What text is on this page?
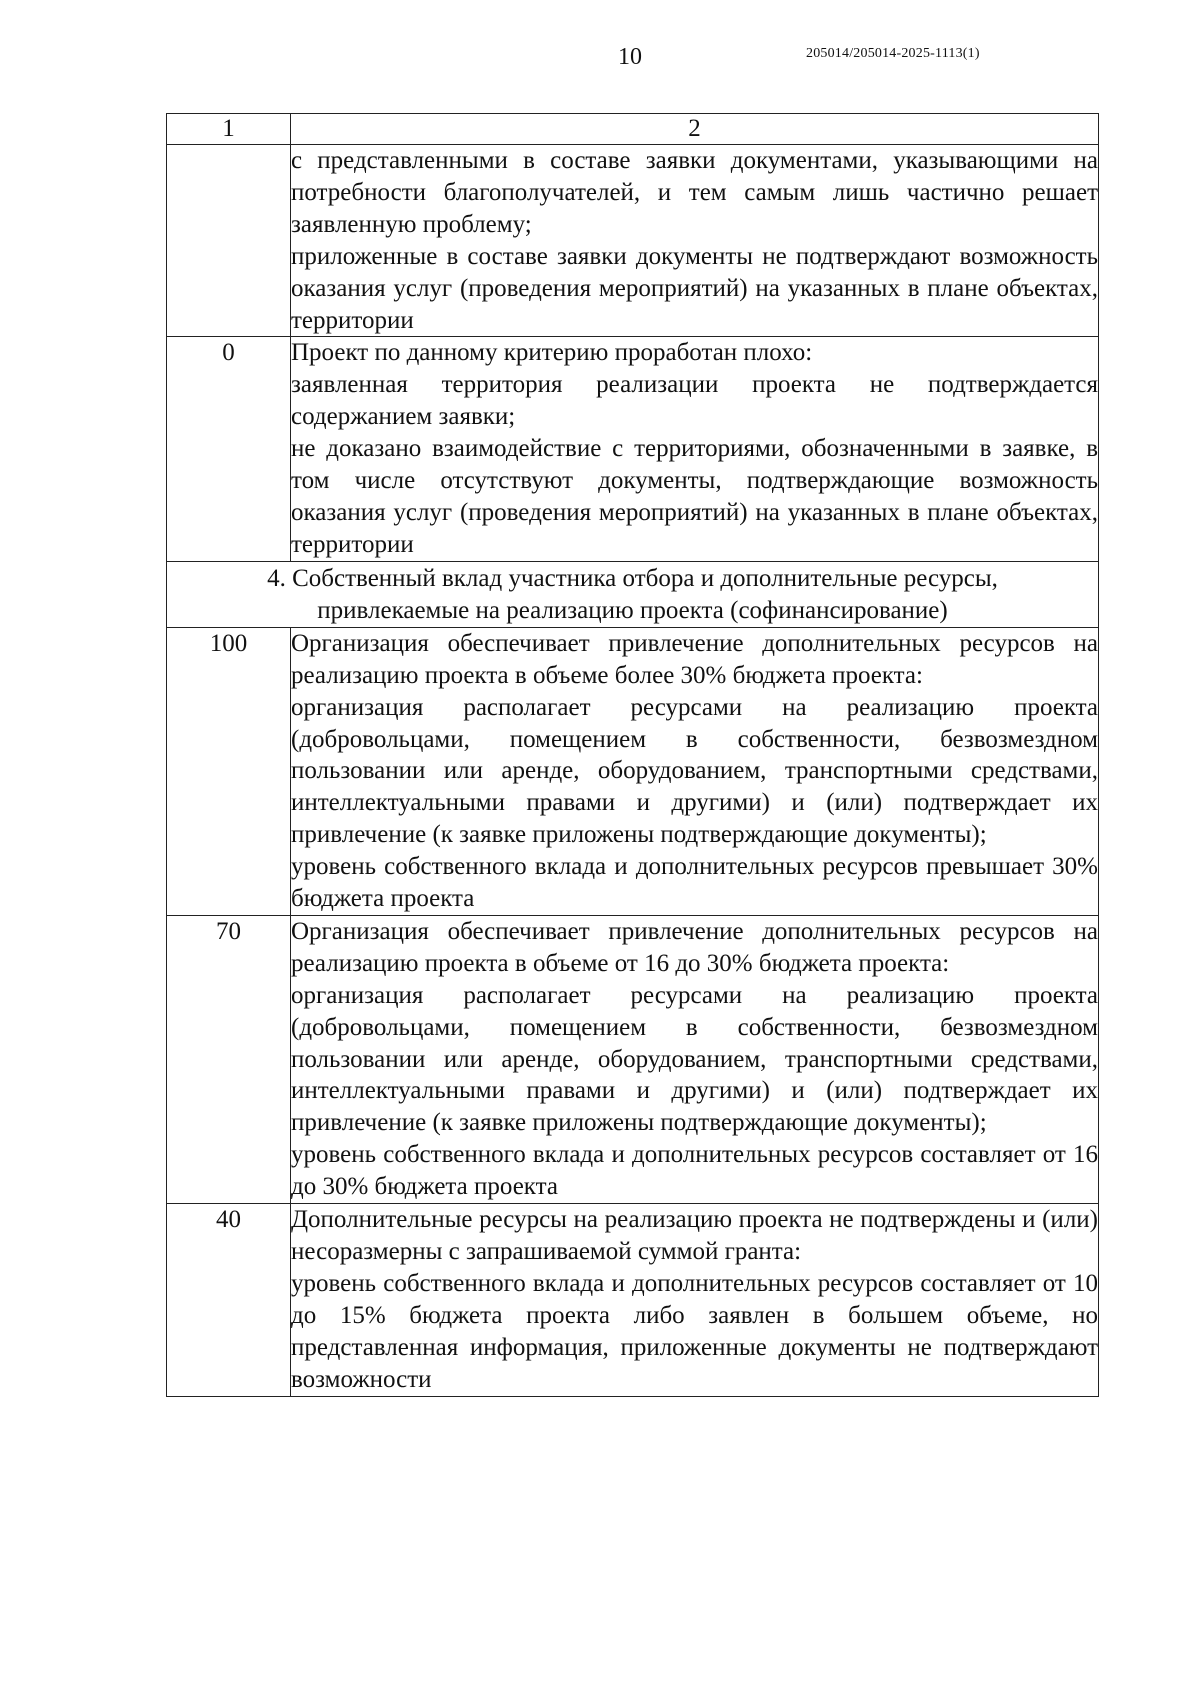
10	205014/205014-2025-1113(1)
1	2

	с представленными в составе заявки документами, указывающими на потребности благополучателей, и тем самым лишь частично решает заявленную проблему;

приложенные в составе заявки документы не подтверждают возможность оказания услуг (проведения мероприятий) на указанных в плане объектах, территории

0	Проект по данному критерию проработан плохо:

заявленная территория реализации проекта не подтверждается содержанием заявки;

не доказано взаимодействие с территориями, обозначенными в заявке, в том числе отсутствуют документы, подтверждающие возможность оказания услуг (проведения мероприятий) на указанных в плане объектах, территории

4. Собственный вклад участника отбора и дополнительные ресурсы,

привлекаемые на реализацию проекта (софинансирование)	

100	Организация обеспечивает привлечение дополнительных ресурсов на реализацию проекта в объеме более 30% бюджета проекта:

организация располагает ресурсами на реализацию проекта (добровольцами, помещением в собственности, безвозмездном пользовании или аренде, оборудованием, транспортными средствами, интеллектуальными правами и другими) и (или) подтверждает их привлечение (к заявке приложены подтверждающие документы);

уровень собственного вклада и дополнительных ресурсов превышает 30% бюджета проекта

70	Организация обеспечивает привлечение дополнительных ресурсов на реализацию проекта в объеме от 16 до 30% бюджета проекта:

организация располагает ресурсами на реализацию проекта (добровольцами, помещением в собственности, безвозмездном пользовании или аренде, оборудованием, транспортными средствами, интеллектуальными правами и другими) и (или) подтверждает их привлечение (к заявке приложены подтверждающие документы);

уровень собственного вклада и дополнительных ресурсов составляет от 16 до 30% бюджета проекта

40	Дополнительные ресурсы на реализацию проекта не подтверждены и (или) несоразмерны с запрашиваемой суммой гранта:

уровень собственного вклада и дополнительных ресурсов составляет от 10 до 15% бюджета проекта либо заявлен в большем объеме, но представленная информация, приложенные документы не подтверждают возможности
